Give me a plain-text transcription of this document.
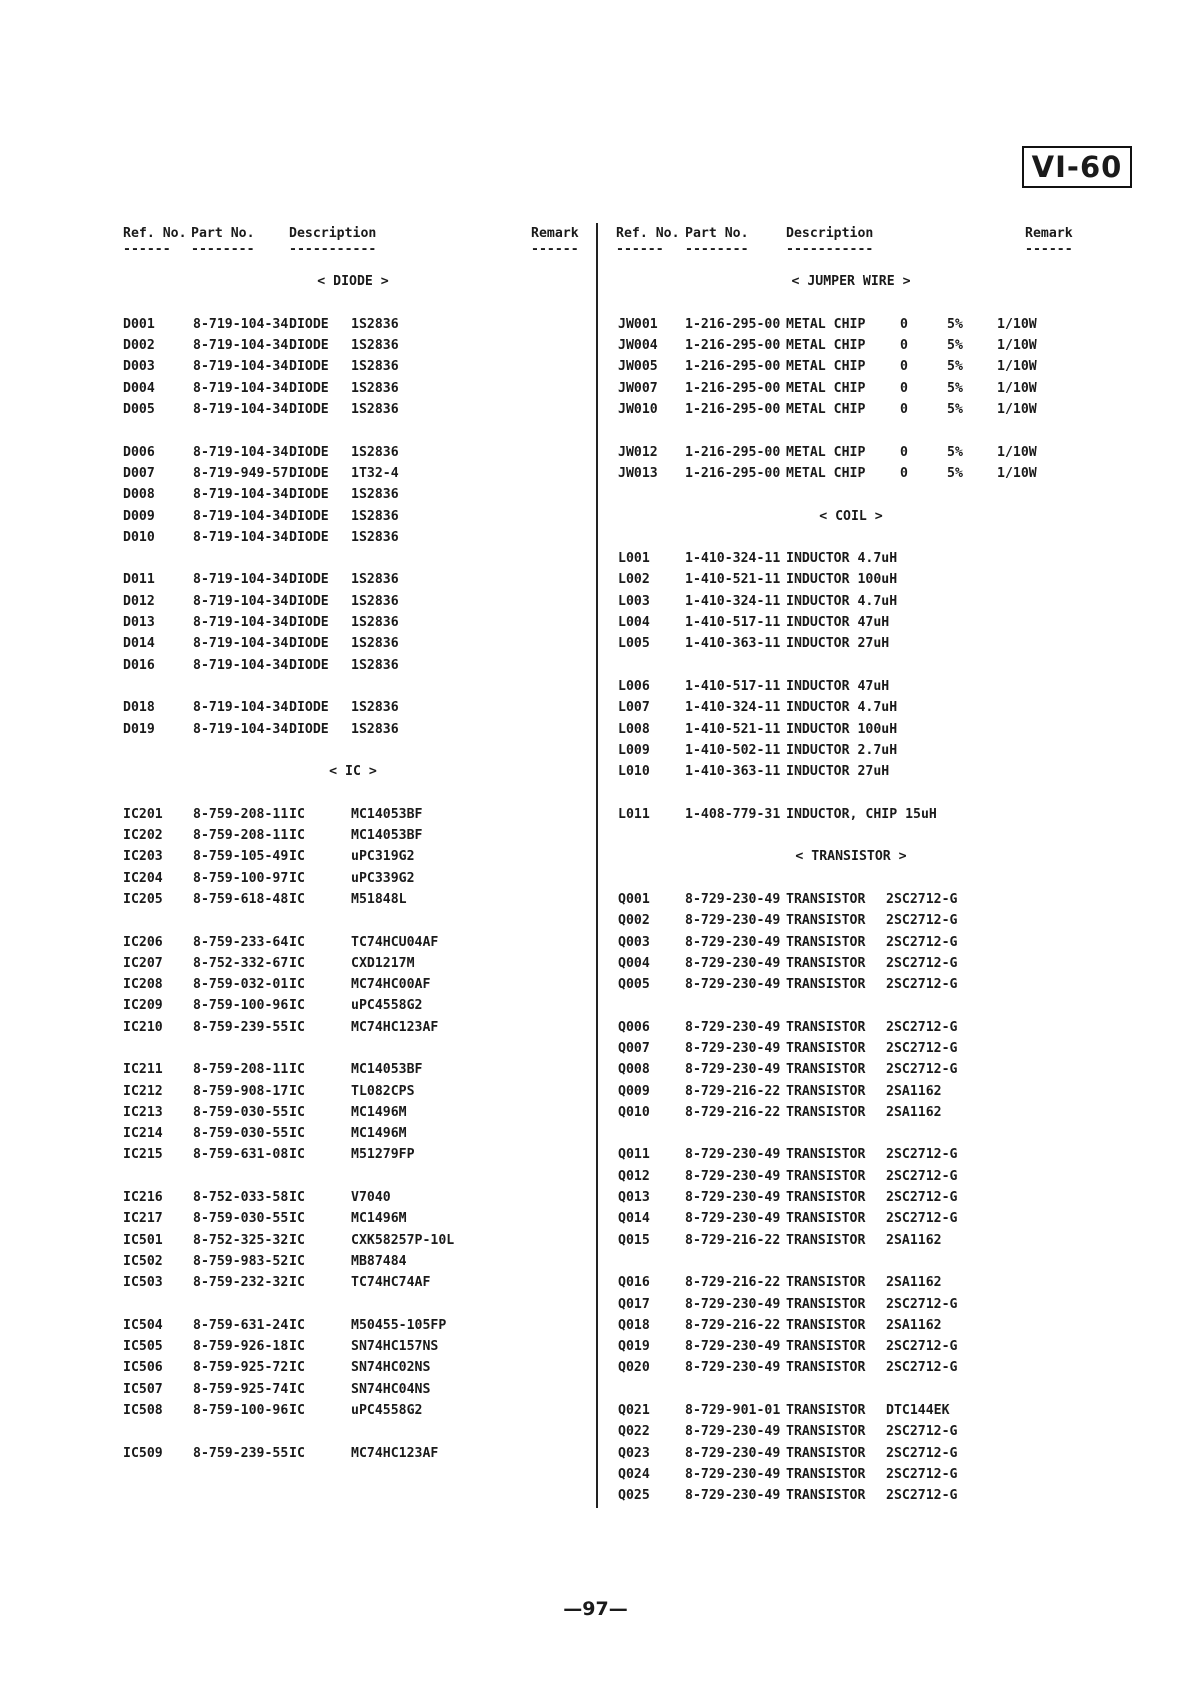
VI-60
Ref. No. Part No.	Description	Remark
------ --------	-----------	------
< DIODE >
D001	8-719-104-34 DIODE 1S2836
D002	8-719-104-34 DIODE 1S2836
D003	8-719-104-34 DIODE 1S2836
D004	8-719-104-34 DIODE 1S2836
D005	8-719-104-34 DIODE 1S2836
D006	8-719-104-34 DIODE 1S2836
D007	8-719-949-57 DIODE 1T32-4
D008	8-719-104-34 DIODE 1S2836
D009	8-719-104-34 DIODE 1S2836
D010	8-719-104-34 DIODE 1S2836
D011	8-719-104-34 DIODE 1S2836
D012	8-719-104-34 DIODE 1S2836
D013	8-719-104-34 DIODE 1S2836
D014	8-719-104-34 DIODE 1S2836
D016	8-719-104-34 DIODE 1S2836
D018	8-719-104-34 DIODE 1S2836
D019	8-719-104-34 DIODE 1S2836
< IC >
IC201 8-759-208-11 IC	MC14053BF
IC202 8-759-208-11 IC	MC14053BF
IC203 8-759-105-49 IC	uPC319G2
IC204 8-759-100-97 IC	uPC339G2
IC205 8-759-618-48 IC	M51848L
IC206 8-759-233-64 IC	TC74HCU04AF
IC207 8-752-332-67 IC	CXD1217M
IC208 8-759-032-01 IC	MC74HC00AF
IC209 8-759-100-96 IC	uPC4558G2
IC210 8-759-239-55 IC	MC74HC123AF
IC211 8-759-208-11 IC	MC14053BF
IC212 8-759-908-17 IC	TL082CPS
IC213 8-759-030-55 IC	MC1496M
IC214 8-759-030-55 IC	MC1496M
IC215 8-759-631-08 IC	M51279FP
IC216 8-752-033-58 IC	V7040
IC217 8-759-030-55 IC	MC1496M
IC501 8-752-325-32 IC	CXK58257P-10L
IC502 8-759-983-52 IC	MB87484
IC503 8-759-232-32 IC	TC74HC74AF
IC504 8-759-631-24 IC	M50455-105FP
IC505 8-759-926-18 IC	SN74HC157NS
IC506 8-759-925-72 IC	SN74HC02NS
IC507 8-759-925-74 IC	SN74HC04NS
IC508 8-759-100-96 IC	uPC4558G2
IC509 8-759-239-55 IC	MC74HC123AF
Ref. No. Part No.	Description	Remark
------ --------	-----------	------
< JUMPER WIRE >
JW001 1-216-295-00 METAL CHIP	0	5%	1/10W
JW004 1-216-295-00 METAL CHIP	0	5%	1/10W
JW005 1-216-295-00 METAL CHIP	0	5%	1/10W
JW007 1-216-295-00 METAL CHIP	0	5%	1/10W
JW010 1-216-295-00 METAL CHIP	0	5%	1/10W
JW012 1-216-295-00 METAL CHIP	0	5%	1/10W
JW013 1-216-295-00 METAL CHIP	0	5%	1/10W
< COIL >
L001	1-410-324-11 INDUCTOR 4.7uH
L002	1-410-521-11 INDUCTOR 100uH
L003	1-410-324-11 INDUCTOR 4.7uH
L004	1-410-517-11 INDUCTOR 47uH
L005	1-410-363-11 INDUCTOR 27uH
L006	1-410-517-11 INDUCTOR 47uH
L007	1-410-324-11 INDUCTOR 4.7uH
L008	1-410-521-11 INDUCTOR 100uH
L009	1-410-502-11 INDUCTOR 2.7uH
L010	1-410-363-11 INDUCTOR 27uH
L011	1-408-779-31 INDUCTOR, CHIP 15uH
< TRANSISTOR >
Q001	8-729-230-49 TRANSISTOR 2SC2712-G
Q002	8-729-230-49 TRANSISTOR 2SC2712-G
Q003	8-729-230-49 TRANSISTOR 2SC2712-G
Q004	8-729-230-49 TRANSISTOR 2SC2712-G
Q005	8-729-230-49 TRANSISTOR 2SC2712-G
Q006	8-729-230-49 TRANSISTOR 2SC2712-G
Q007	8-729-230-49 TRANSISTOR 2SC2712-G
Q008	8-729-230-49 TRANSISTOR 2SC2712-G
Q009	8-729-216-22 TRANSISTOR 2SA1162
Q010	8-729-216-22 TRANSISTOR 2SA1162
Q011	8-729-230-49 TRANSISTOR 2SC2712-G
Q012	8-729-230-49 TRANSISTOR 2SC2712-G
Q013	8-729-230-49 TRANSISTOR 2SC2712-G
Q014	8-729-230-49 TRANSISTOR 2SC2712-G
Q015	8-729-216-22 TRANSISTOR 2SA1162
Q016	8-729-216-22 TRANSISTOR 2SA1162
Q017	8-729-230-49 TRANSISTOR 2SC2712-G
Q018	8-729-216-22 TRANSISTOR 2SA1162
Q019	8-729-230-49 TRANSISTOR 2SC2712-G
Q020	8-729-230-49 TRANSISTOR 2SC2712-G
Q021	8-729-901-01 TRANSISTOR DTC144EK
Q022	8-729-230-49 TRANSISTOR 2SC2712-G
Q023	8-729-230-49 TRANSISTOR 2SC2712-G
Q024	8-729-230-49 TRANSISTOR 2SC2712-G
Q025	8-729-230-49 TRANSISTOR 2SC2712-G
—97—
